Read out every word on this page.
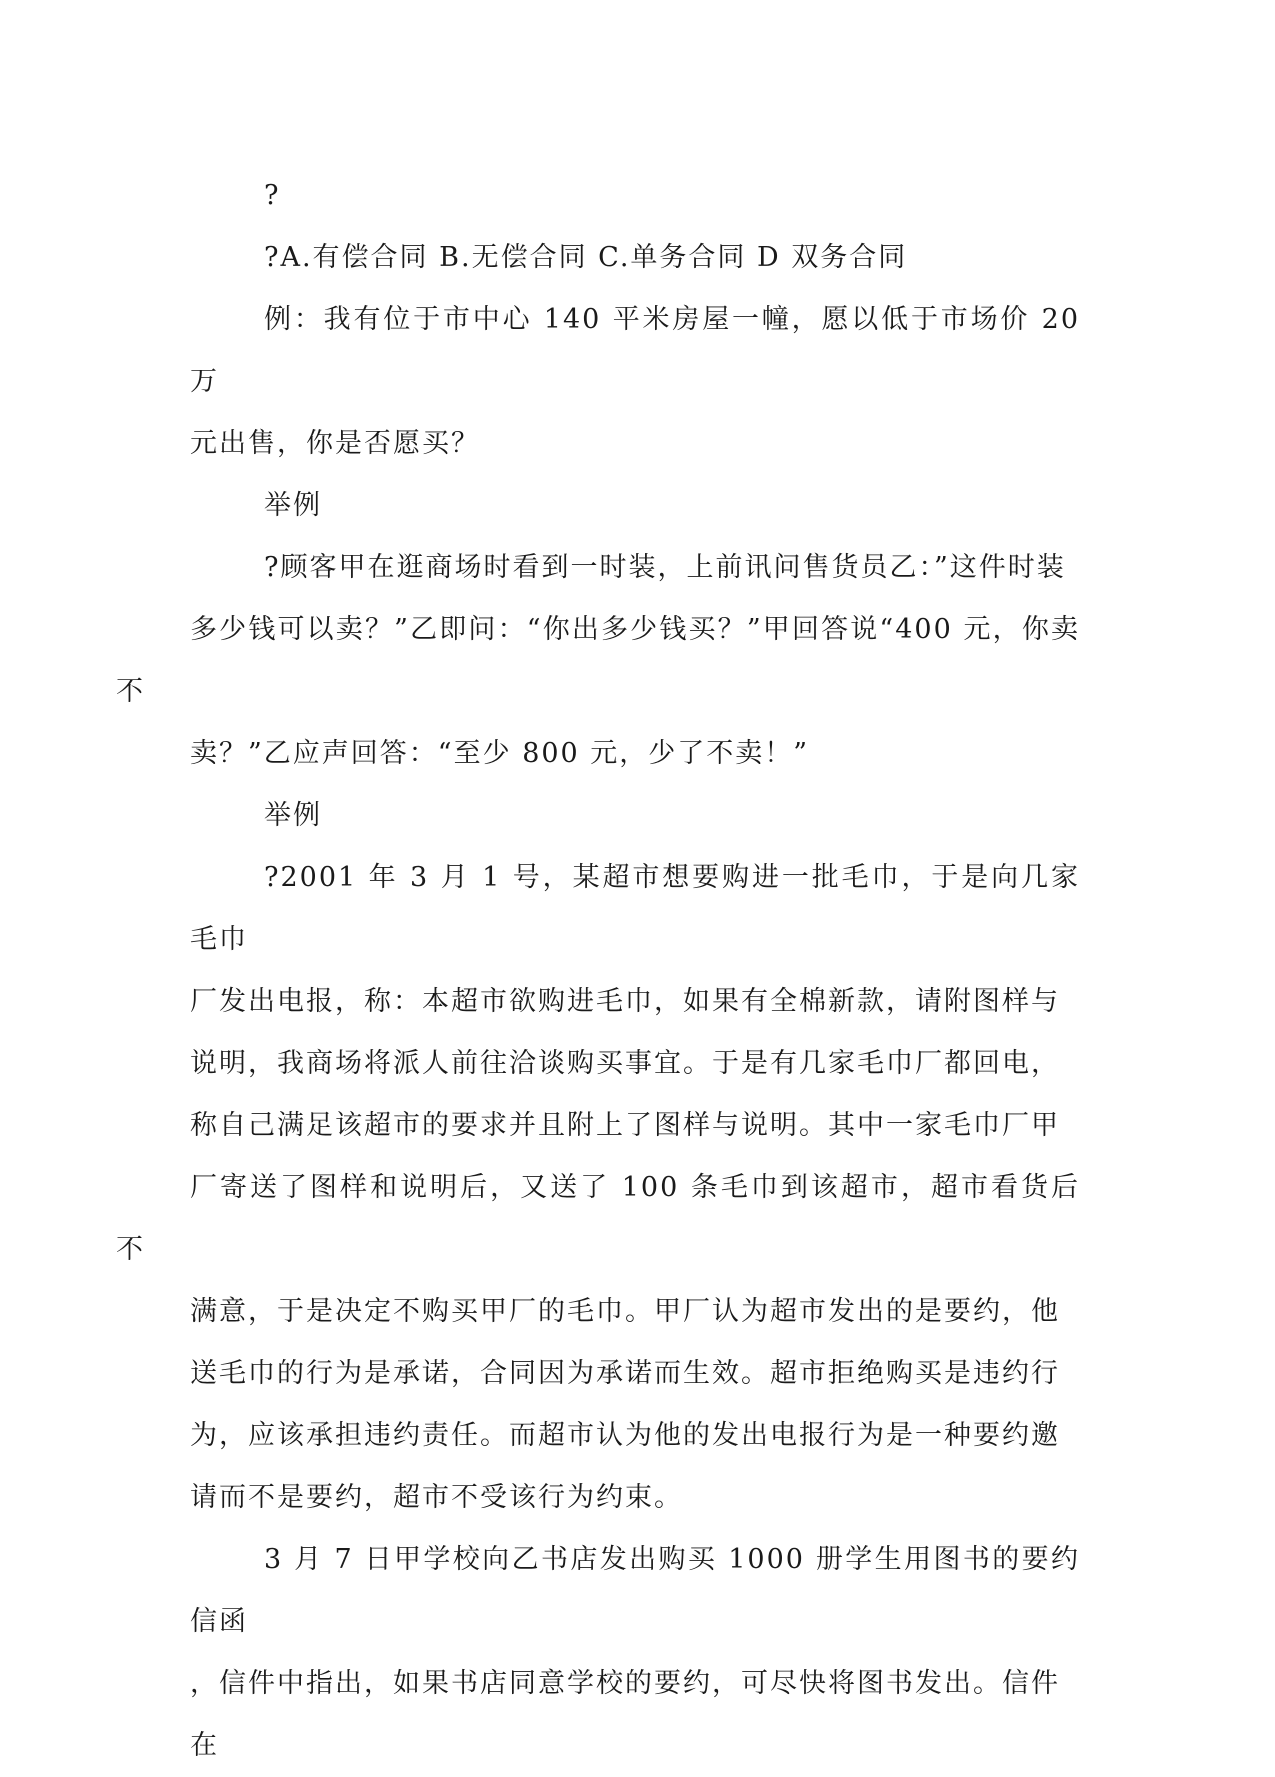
?

?A.有偿合同 B.无偿合同 C.单务合同 D 双务合同

例：我有位于市中心 140 平米房屋一幢，愿以低于市场价 20 万
元出售，你是否愿买？

举例

?顾客甲在逛商场时看到一时装，上前讯问售货员乙：”这件时装
多少钱可以卖？”乙即问：“你出多少钱买？”甲回答说“400 元，你卖不
卖？”乙应声回答：“至少 800 元，少了不卖！”

举例

?2001 年 3 月 1 号，某超市想要购进一批毛巾，于是向几家毛巾
厂发出电报，称：本超市欲购进毛巾，如果有全棉新款，请附图样与
说明，我商场将派人前往洽谈购买事宜。于是有几家毛巾厂都回电，
称自己满足该超市的要求并且附上了图样与说明。其中一家毛巾厂甲
厂寄送了图样和说明后，又送了 100 条毛巾到该超市，超市看货后不
满意，于是决定不购买甲厂的毛巾。甲厂认为超市发出的是要约，他
送毛巾的行为是承诺，合同因为承诺而生效。超市拒绝购买是违约行
为，应该承担违约责任。而超市认为他的发出电报行为是一种要约邀
请而不是要约，超市不受该行为约束。

3 月 7 日甲学校向乙书店发出购买 1000 册学生用图书的要约信函
，信件中指出，如果书店同意学校的要约，可尽快将图书发出。信件
在
